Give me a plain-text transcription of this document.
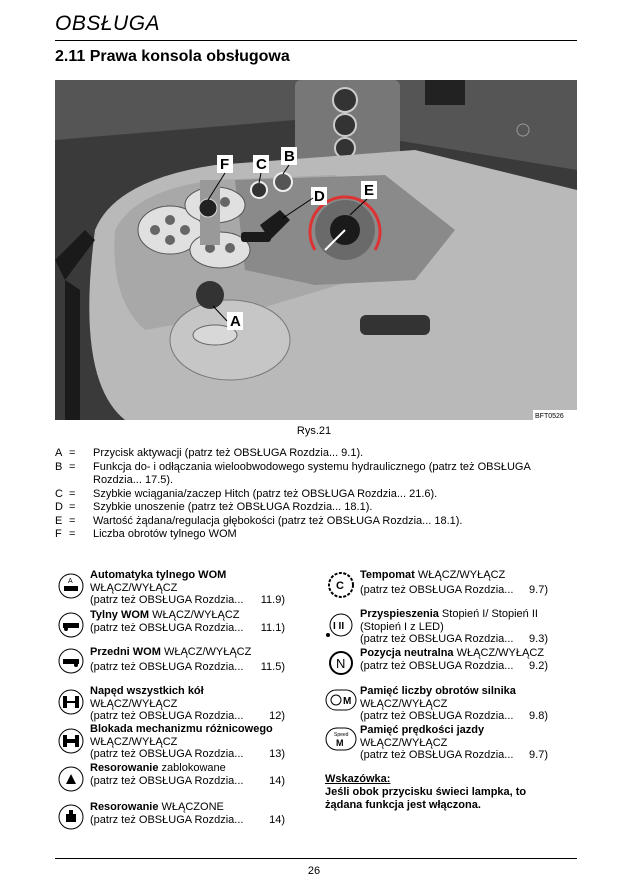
OBSŁUGA
2.11 Prawa konsola obsługowa
F C B
D	E
A
BFT0526
Rys.21
A =	Przycisk aktywacji (patrz też OBSŁUGA Rozdzia... 9.1).
B =	Funkcja do- i odłączania wieloobwodowego systemu hydraulicznego (patrz też OBSŁUGA Rozdzia... 17.5).
C =	Szybkie wciągania/zaczep Hitch (patrz też OBSŁUGA Rozdzia... 21.6).
D =	Szybkie unoszenie (patrz też OBSŁUGA Rozdzia... 18.1).
E =	Wartość żądana/regulacja głębokości (patrz też OBSŁUGA Rozdzia... 18.1).
F =	Liczba obrotów tylnego WOM
A
Automatyka tylnego WOM
WŁĄCZ/WYŁĄCZ
(patrz też OBSŁUGA Rozdzia... 11.9)
Tylny WOM WŁĄCZ/WYŁĄCZ
(patrz też OBSŁUGA Rozdzia... 11.1)
Przedni WOM WŁĄCZ/WYŁĄCZ
(patrz też OBSŁUGA Rozdzia... 11.5)
Napęd wszystkich kół
WŁĄCZ/WYŁĄCZ
(patrz też OBSŁUGA Rozdzia... 12)
Blokada mechanizmu różnicowego
WŁĄCZ/WYŁĄCZ
(patrz też OBSŁUGA Rozdzia... 13)
Resorowanie zablokowane
(patrz też OBSŁUGA Rozdzia... 14)
Resorowanie WŁĄCZONE
(patrz też OBSŁUGA Rozdzia... 14)
C
Tempomat WŁĄCZ/WYŁĄCZ
(patrz też OBSŁUGA Rozdzia... 9.7)
I II
Przyspieszenia Stopień I/ Stopień II
(Stopień I z LED)
(patrz też OBSŁUGA Rozdzia... 9.3)
N
Pozycja neutralna WŁĄCZ/WYŁĄCZ
(patrz też OBSŁUGA Rozdzia... 9.2)
M
Pamięć liczby obrotów silnika
WŁĄCZ/WYŁĄCZ
(patrz też OBSŁUGA Rozdzia... 9.8)
Speed
M
Pamięć prędkości jazdy
WŁĄCZ/WYŁĄCZ
(patrz też OBSŁUGA Rozdzia... 9.7)
Wskazówka:
Jeśli obok przycisku świeci lampka, to żądana funkcja jest włączona.
26
